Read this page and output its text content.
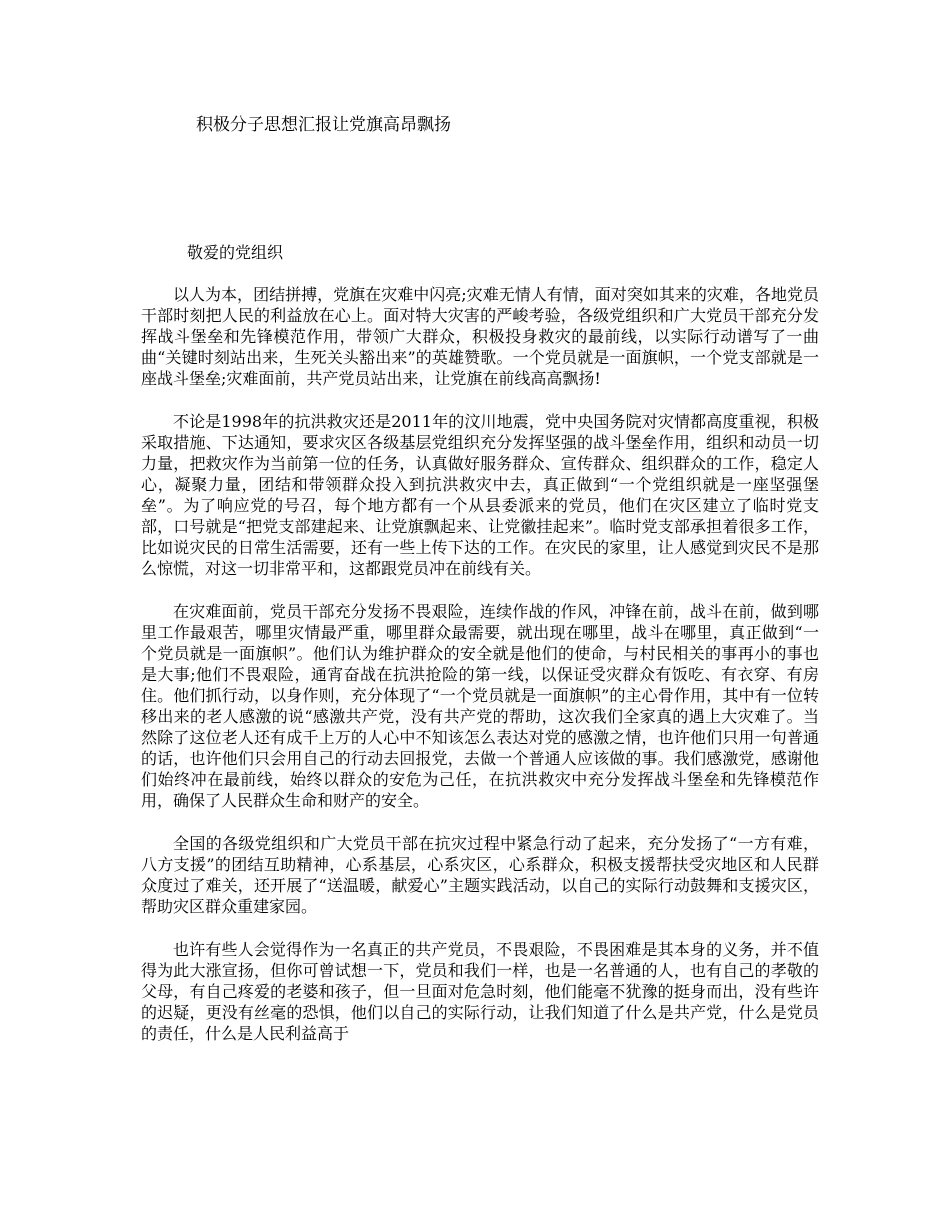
积极分子思想汇报让党旗高昂飘扬
敬爱的党组织

以人为本，团结拼搏，党旗在灾难中闪亮;灾难无情人有情，面对突如其来的灾难，各地党员干部时刻把人民的利益放在心上。面对特大灾害的严峻考验，各级党组织和广大党员干部充分发挥战斗堡垒和先锋模范作用，带领广大群众，积极投身救灾的最前线，以实际行动谱写了一曲曲“关键时刻站出来，生死关头豁出来”的英雄赞歌。一个党员就是一面旗帜，一个党支部就是一座战斗堡垒;灾难面前，共产党员站出来，让党旗在前线高高飘扬!

不论是1998年的抗洪救灾还是2011年的汶川地震，党中央国务院对灾情都高度重视，积极采取措施、下达通知，要求灾区各级基层党组织充分发挥坚强的战斗堡垒作用，组织和动员一切力量，把救灾作为当前第一位的任务，认真做好服务群众、宣传群众、组织群众的工作，稳定人心，凝聚力量，团结和带领群众投入到抗洪救灾中去，真正做到“一个党组织就是一座坚强堡垒”。为了响应党的号召，每个地方都有一个从县委派来的党员，他们在灾区建立了临时党支部，口号就是“把党支部建起来、让党旗飘起来、让党徽挂起来”。临时党支部承担着很多工作，比如说灾民的日常生活需要，还有一些上传下达的工作。在灾民的家里，让人感觉到灾民不是那么惊慌，对这一切非常平和，这都跟党员冲在前线有关。

在灾难面前，党员干部充分发扬不畏艰险，连续作战的作风，冲锋在前，战斗在前，做到哪里工作最艰苦，哪里灾情最严重，哪里群众最需要，就出现在哪里，战斗在哪里，真正做到“一个党员就是一面旗帜”。他们认为维护群众的安全就是他们的使命，与村民相关的事再小的事也是大事;他们不畏艰险，通宵奋战在抗洪抢险的第一线，以保证受灾群众有饭吃、有衣穿、有房住。他们抓行动，以身作则，充分体现了“一个党员就是一面旗帜”的主心骨作用，其中有一位转移出来的老人感激的说“感激共产党，没有共产党的帮助，这次我们全家真的遇上大灾难了。当然除了这位老人还有成千上万的人心中不知该怎么表达对党的感激之情，也许他们只用一句普通的话，也许他们只会用自己的行动去回报党，去做一个普通人应该做的事。我们感激党，感谢他们始终冲在最前线，始终以群众的安危为己任，在抗洪救灾中充分发挥战斗堡垒和先锋模范作用，确保了人民群众生命和财产的安全。

全国的各级党组织和广大党员干部在抗灾过程中紧急行动了起来，充分发扬了“一方有难，八方支援”的团结互助精神，心系基层，心系灾区，心系群众，积极支援帮扶受灾地区和人民群众度过了难关，还开展了“送温暖，献爱心”主题实践活动，以自己的实际行动鼓舞和支援灾区，帮助灾区群众重建家园。

也许有些人会觉得作为一名真正的共产党员，不畏艰险，不畏困难是其本身的义务，并不值得为此大涨宣扬，但你可曾试想一下，党员和我们一样，也是一名普通的人，也有自己的孝敬的父母，有自己疼爱的老婆和孩子，但一旦面对危急时刻，他们能毫不犹豫的挺身而出，没有些许的迟疑，更没有丝毫的恐惧，他们以自己的实际行动，让我们知道了什么是共产党，什么是党员的责任，什么是人民利益高于
